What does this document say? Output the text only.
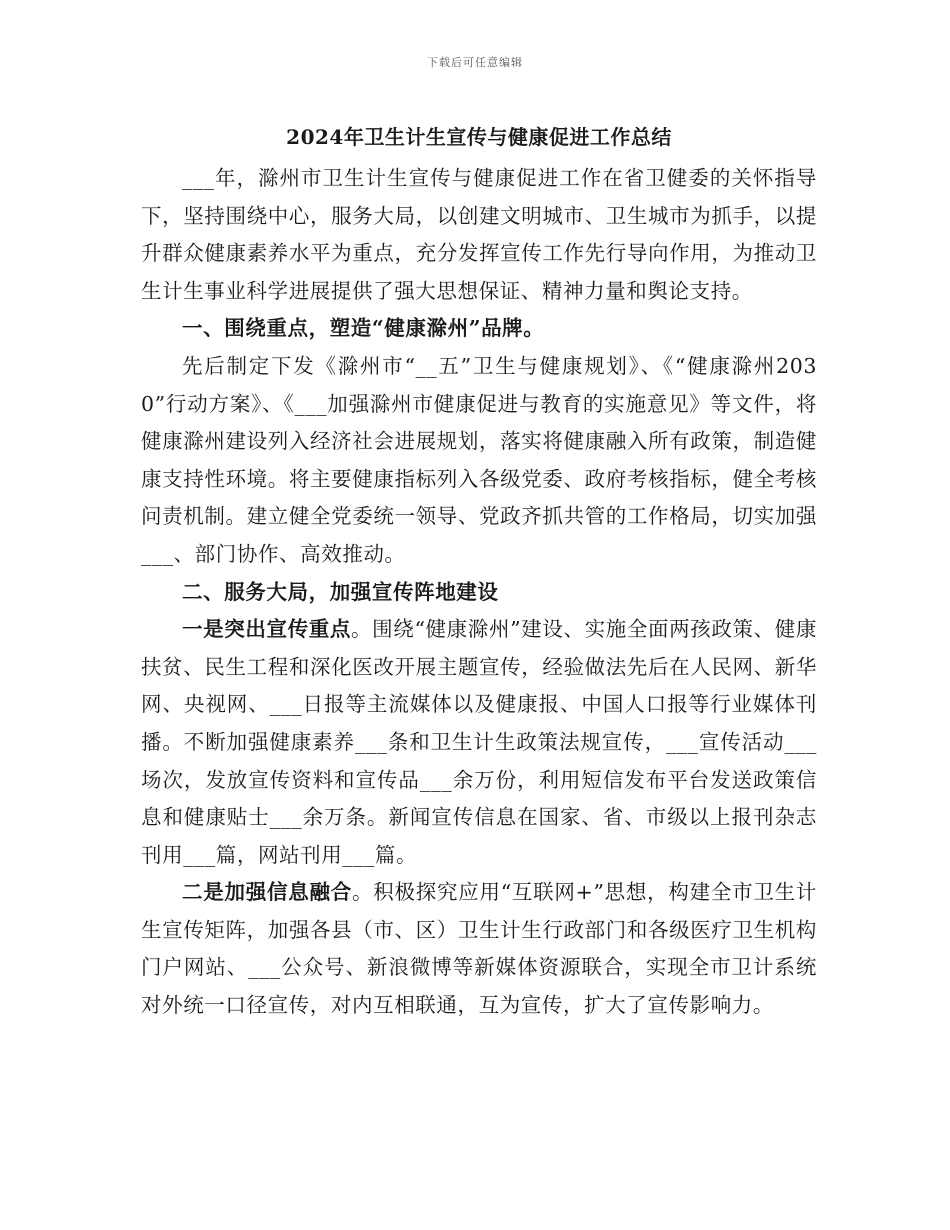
下载后可任意编辑
2024年卫生计生宣传与健康促进工作总结

___年，滁州市卫生计生宣传与健康促进工作在省卫健委的关怀指导下，坚持围绕中心，服务大局，以创建文明城市、卫生城市为抓手，以提升群众健康素养水平为重点，充分发挥宣传工作先行导向作用，为推动卫生计生事业科学进展提供了强大思想保证、精神力量和舆论支持。

一、围绕重点，塑造“健康滁州”品牌。

先后制定下发《滁州市“__五”卫生与健康规划》、《“健康滁州2030”行动方案》、《___加强滁州市健康促进与教育的实施意见》等文件，将健康滁州建设列入经济社会进展规划，落实将健康融入所有政策，制造健康支持性环境。将主要健康指标列入各级党委、政府考核指标，健全考核问责机制。建立健全党委统一领导、党政齐抓共管的工作格局，切实加强___、部门协作、高效推动。

二、服务大局，加强宣传阵地建设

一是突出宣传重点。围绕“健康滁州”建设、实施全面两孩政策、健康扶贫、民生工程和深化医改开展主题宣传，经验做法先后在人民网、新华网、央视网、___日报等主流媒体以及健康报、中国人口报等行业媒体刊播。不断加强健康素养___条和卫生计生政策法规宣传，___宣传活动___场次，发放宣传资料和宣传品___余万份，利用短信发布平台发送政策信息和健康贴士___余万条。新闻宣传信息在国家、省、市级以上报刊杂志刊用___篇，网站刊用___篇。

二是加强信息融合。积极探究应用“互联网+”思想，构建全市卫生计生宣传矩阵，加强各县（市、区）卫生计生行政部门和各级医疗卫生机构门户网站、___公众号、新浪微博等新媒体资源联合，实现全市卫计系统对外统一口径宣传，对内互相联通，互为宣传，扩大了宣传影响力。
